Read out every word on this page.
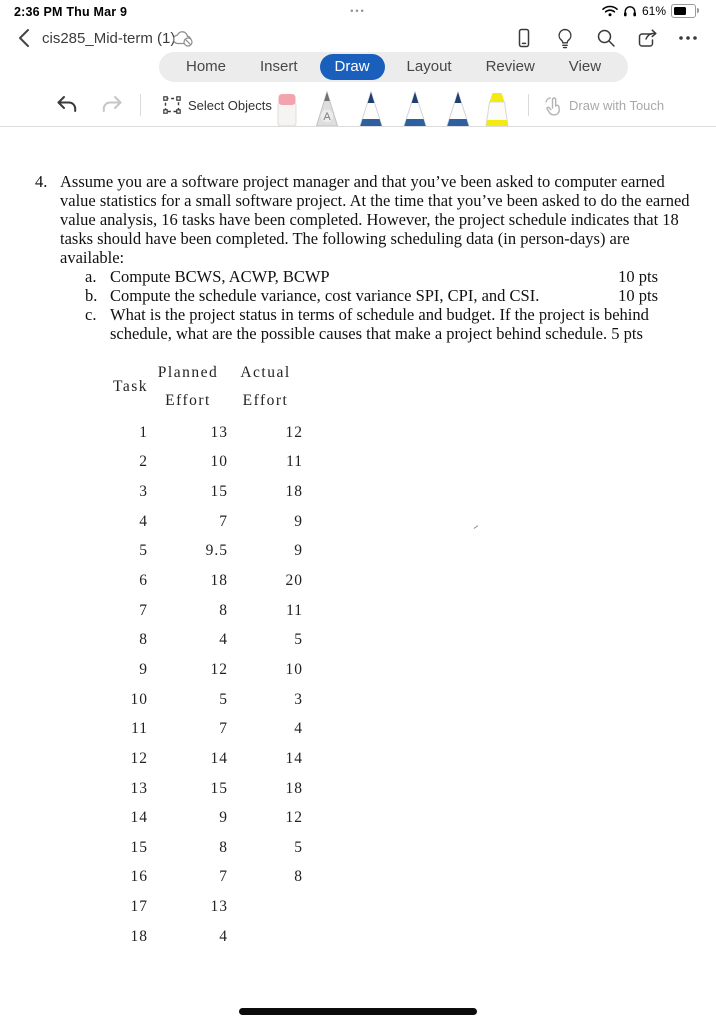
2:36 PM Thu Mar 9	•••	61%
cis285_Mid-term (1)
Home	Insert	Draw	Layout	Review	View
Select Objects
A
Draw with Touch
4. Assume you are a software project manager and that you’ve been asked to computer earned value statistics for a small software project. At the time that you’ve been asked to do the earned value analysis, 16 tasks have been completed. However, the project schedule indicates that 18 tasks should have been completed. The following scheduling data (in person-days) are available:
a. Compute BCWS, ACWP, BCWP	10 pts
b. Compute the schedule variance, cost variance SPI, CPI, and CSI.	10 pts
c. What is the project status in terms of schedule and budget. If the project is behind schedule, what are the possible causes that make a project behind schedule. 5 pts
Task
Planned
Effort
Actual
Effort
1	13	12
2	10	11
3	15	18
4	7	9
5	9.5	9
6	18	20
7	8	11
8	4	5
9	12	10
10	5	3
11	7	4
12	14	14
13	15	18
14	9	12
15	8	5
16	7	8
17	13
18	4
